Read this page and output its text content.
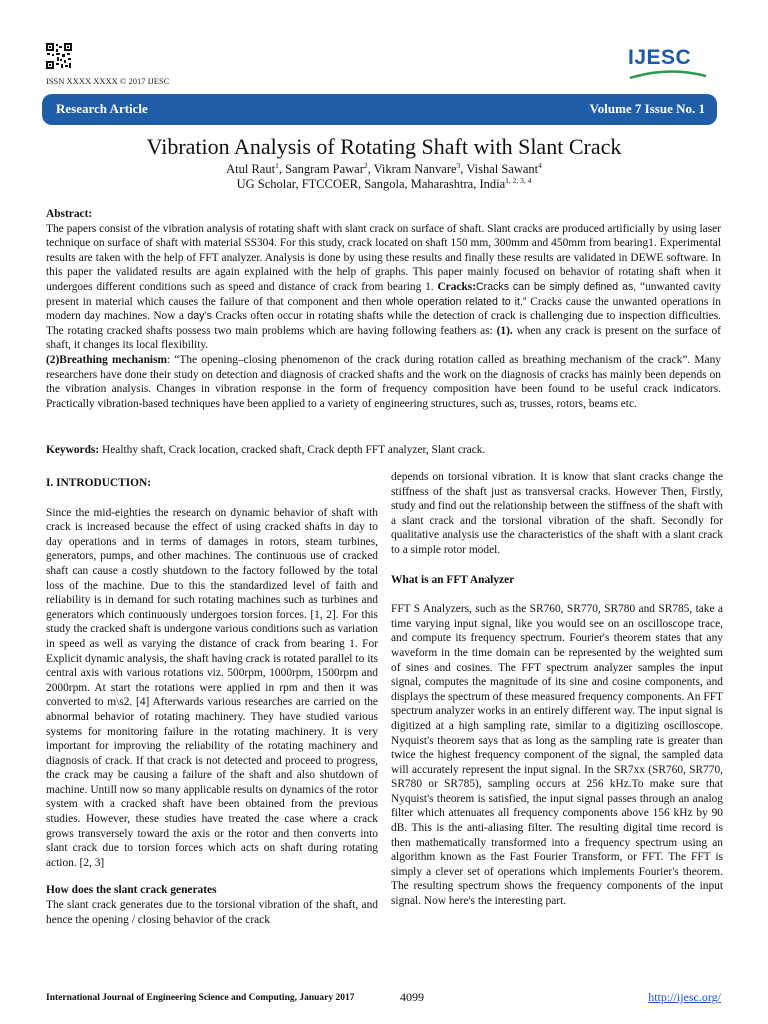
ISSN XXXX XXXX © 2017 IJESC
IJESC
Research Article	Volume 7 Issue No. 1
Vibration Analysis of Rotating Shaft with Slant Crack
Atul Raut$^1$, Sangram Pawar$^2$, Vikram Nanvare$^3$, Vishal Sawant$^4$
UG Scholar, FTCCOER, Sangola, Maharashtra, India$^{1, 2, 3, 4}$
Abstract:
The papers consist of the vibration analysis of rotating shaft with slant crack on surface of shaft. Slant cracks are produced artificially by using laser technique on surface of shaft with material SS304. For this study, crack located on shaft 150 mm, 300mm and 450mm from bearing1. Experimental results are taken with the help of FFT analyzer. Analysis is done by using these results and finally these results are validated in DEWE software. In this paper the validated results are again explained with the help of graphs. This paper mainly focused on behavior of rotating shaft when it undergoes different conditions such as speed and distance of crack from bearing 1. Cracks:Cracks can be simply defined as, “unwanted cavity present in material which causes the failure of that component and then whole operation related to it.” Cracks cause the unwanted operations in modern day machines. Now a day’s Cracks often occur in rotating shafts while the detection of crack is challenging due to inspection difficulties. The rotating cracked shafts possess two main problems which are having following feathers as: (1). when any crack is present on the surface of shaft, it changes its local flexibility.
(2)Breathing mechanism: “The opening–closing phenomenon of the crack during rotation called as breathing mechanism of the crack”. Many researchers have done their study on detection and diagnosis of cracked shafts and the work on the diagnosis of cracks has mainly been depends on the vibration analysis. Changes in vibration response in the form of frequency composition have been found to be useful crack indicators. Practically vibration-based techniques have been applied to a variety of engineering structures, such as, trusses, rotors, beams etc.
Keywords: Healthy shaft, Crack location, cracked shaft, Crack depth FFT analyzer, Slant crack.

I. INTRODUCTION:

Since the mid-eighties the research on dynamic behavior of shaft with crack is increased because the effect of using cracked shafts in day to day operations and in terms of damages in rotors, steam turbines, generators, pumps, and other machines. The continuous use of cracked shaft can cause a costly shutdown to the factory followed by the total loss of the machine. Due to this the standardized level of faith and reliability is in demand for such rotating machines such as turbines and generators which continuously undergoes torsion forces. [1, 2]. For this study the cracked shaft is undergone various conditions such as variation in speed as well as varying the distance of crack from bearing 1. For Explicit dynamic analysis, the shaft having crack is rotated parallel to its central axis with various rotations viz. 500rpm, 1000rpm, 1500rpm and 2000rpm. At start the rotations were applied in rpm and then it was converted to m\s2. [4] Afterwards various researches are carried on the abnormal behavior of rotating machinery. They have studied various systems for monitoring failure in the rotating machinery. It is very important for improving the reliability of the rotating machinery and diagnosis of crack. If that crack is not detected and proceed to progress, the crack may be causing a failure of the shaft and also shutdown of machine. Untill now so many applicable results on dynamics of the rotor system with a cracked shaft have been obtained from the previous studies. However, these studies have treated the case where a crack grows transversely toward the axis or the rotor and then converts into slant crack due to torsion forces which acts on shaft during rotating action. [2, 3]

How does the slant crack generates

The slant crack generates due to the torsional vibration of the shaft, and hence the opening / closing behavior of the crack

depends on torsional vibration. It is know that slant cracks change the stiffness of the shaft just as transversal cracks. However Then, Firstly, study and find out the relationship between the stiffness of the shaft with a slant crack and the torsional vibration of the shaft. Secondly for qualitative analysis use the characteristics of the shaft with a slant crack to a simple rotor model.

What is an FFT Analyzer

FFT S Analyzers, such as the SR760, SR770, SR780 and SR785, take a time varying input signal, like you would see on an oscilloscope trace, and compute its frequency spectrum. Fourier's theorem states that any waveform in the time domain can be represented by the weighted sum of sines and cosines. The FFT spectrum analyzer samples the input signal, computes the magnitude of its sine and cosine components, and displays the spectrum of these measured frequency components. An FFT spectrum analyzer works in an entirely different way. The input signal is digitized at a high sampling rate, similar to a digitizing oscilloscope. Nyquist's theorem says that as long as the sampling rate is greater than twice the highest frequency component of the signal, the sampled data will accurately represent the input signal. In the SR7xx (SR760, SR770, SR780 or SR785), sampling occurs at 256 kHz.To make sure that Nyquist's theorem is satisfied, the input signal passes through an analog filter which attenuates all frequency components above 156 kHz by 90 dB. This is the anti-aliasing filter. The resulting digital time record is then mathematically transformed into a frequency spectrum using an algorithm known as the Fast Fourier Transform, or FFT. The FFT is simply a clever set of operations which implements Fourier's theorem. The resulting spectrum shows the frequency components of the input signal. Now here's the interesting part.

International Journal of Engineering Science and Computing, January 2017	4099	http://ijesc.org/
